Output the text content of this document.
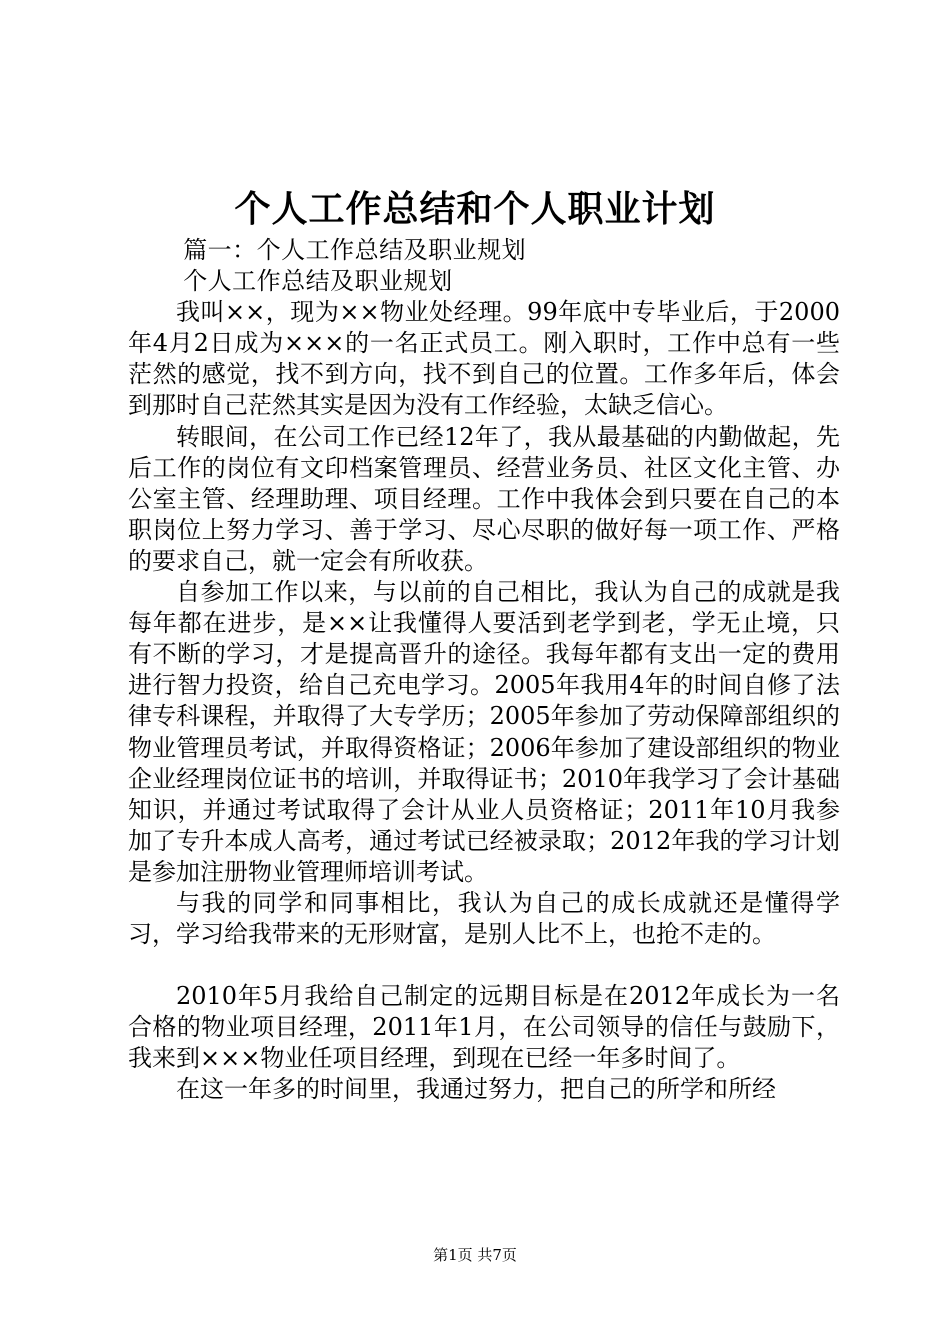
个人工作总结和个人职业计划

篇一：个人工作总结及职业规划

个人工作总结及职业规划

我叫××，现为××物业处经理。99年底中专毕业后，于2000年4月2日成为×××的一名正式员工。刚入职时，工作中总有一些茫然的感觉，找不到方向，找不到自己的位置。工作多年后，体会到那时自己茫然其实是因为没有工作经验，太缺乏信心。

转眼间，在公司工作已经12年了，我从最基础的内勤做起，先后工作的岗位有文印档案管理员、经营业务员、社区文化主管、办公室主管、经理助理、项目经理。工作中我体会到只要在自己的本职岗位上努力学习、善于学习、尽心尽职的做好每一项工作、严格的要求自己，就一定会有所收获。

自参加工作以来，与以前的自己相比，我认为自己的成就是我每年都在进步，是××让我懂得人要活到老学到老，学无止境，只有不断的学习，才是提高晋升的途径。我每年都有支出一定的费用进行智力投资，给自己充电学习。2005年我用4年的时间自修了法律专科课程，并取得了大专学历；2005年参加了劳动保障部组织的物业管理员考试，并取得资格证；2006年参加了建设部组织的物业企业经理岗位证书的培训，并取得证书；2010年我学习了会计基础知识，并通过考试取得了会计从业人员资格证；2011年10月我参加了专升本成人高考，通过考试已经被录取；2012年我的学习计划是参加注册物业管理师培训考试。

与我的同学和同事相比，我认为自己的成长成就还是懂得学习，学习给我带来的无形财富，是别人比不上，也抢不走的。

2010年5月我给自己制定的远期目标是在2012年成长为一名合格的物业项目经理，2011年1月，在公司领导的信任与鼓励下，我来到×××物业任项目经理，到现在已经一年多时间了。

在这一年多的时间里，我通过努力，把自己的所学和所经

第1页 共7页
